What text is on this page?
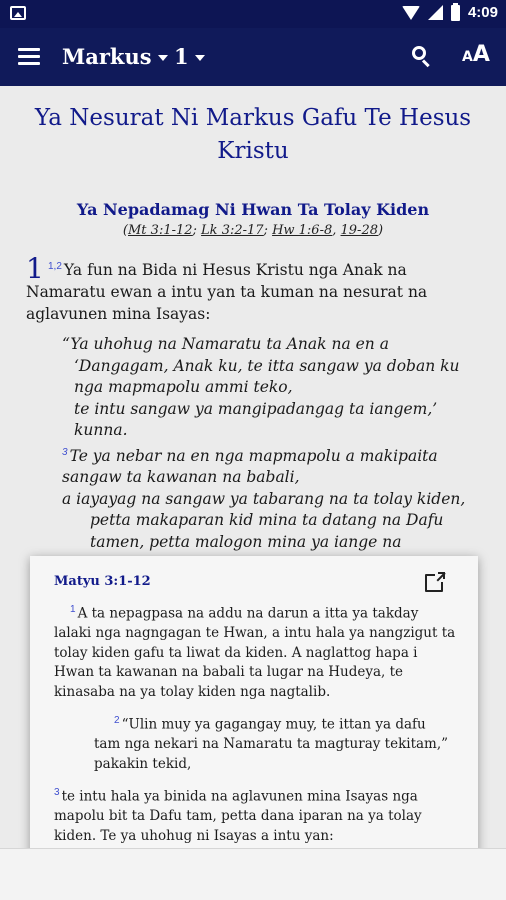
4:09
Markus 1	AA
Ya Nesurat Ni Markus Gafu Te Hesus Kristu
Ya Nepadamag Ni Hwan Ta Tolay Kiden
(Mt 3:1-12; Lk 3:2-17; Hw 1:6-8, 19-28)
1 $^{1,2}$ Ya fun na Bida ni Hesus Kristu nga Anak na Namaratu ewan a intu yan ta kuman na nesurat na aglavunen mina Isayas:

“Ya uhohug na Namaratu ta Anak na en a
‘Dangagam, Anak ku, te itta sangaw ya doban ku nga mapmapolu ammi teko,
te intu sangaw ya mangipadangag ta iangem,’ kunna.
$^3$ Te ya nebar na en nga mapmapolu a makipaita sangaw ta kawanan na babali,
a iayayag na sangaw ya tabarang na ta tolay kiden,
petta makaparan kid mina ta datang na Dafu tamen, petta malogon mina ya iange na
Matyu 3:1-12

$^1$ A ta nepagpasa na addu na darun a itta ya takday lalaki nga nagngagan te Hwan, a intu hala ya nangzigut ta tolay kiden gafu ta liwat da kiden. A naglattog hapa i Hwan ta kawanan na babali ta lugar na Hudeya, te kinasaba na ya tolay kiden nga nagtalib.

$^2$ “Ulin muy ya gagangay muy, te ittan ya dafu tam nga nekari na Namaratu ta magturay tekitam,” pakakin tekid,

$^3$ te intu hala ya binida na aglavunen mina Isayas nga mapolu bit ta Dafu tam, petta dana iparan na ya tolay kiden. Te ya uhohug ni Isayas a intu yan:
